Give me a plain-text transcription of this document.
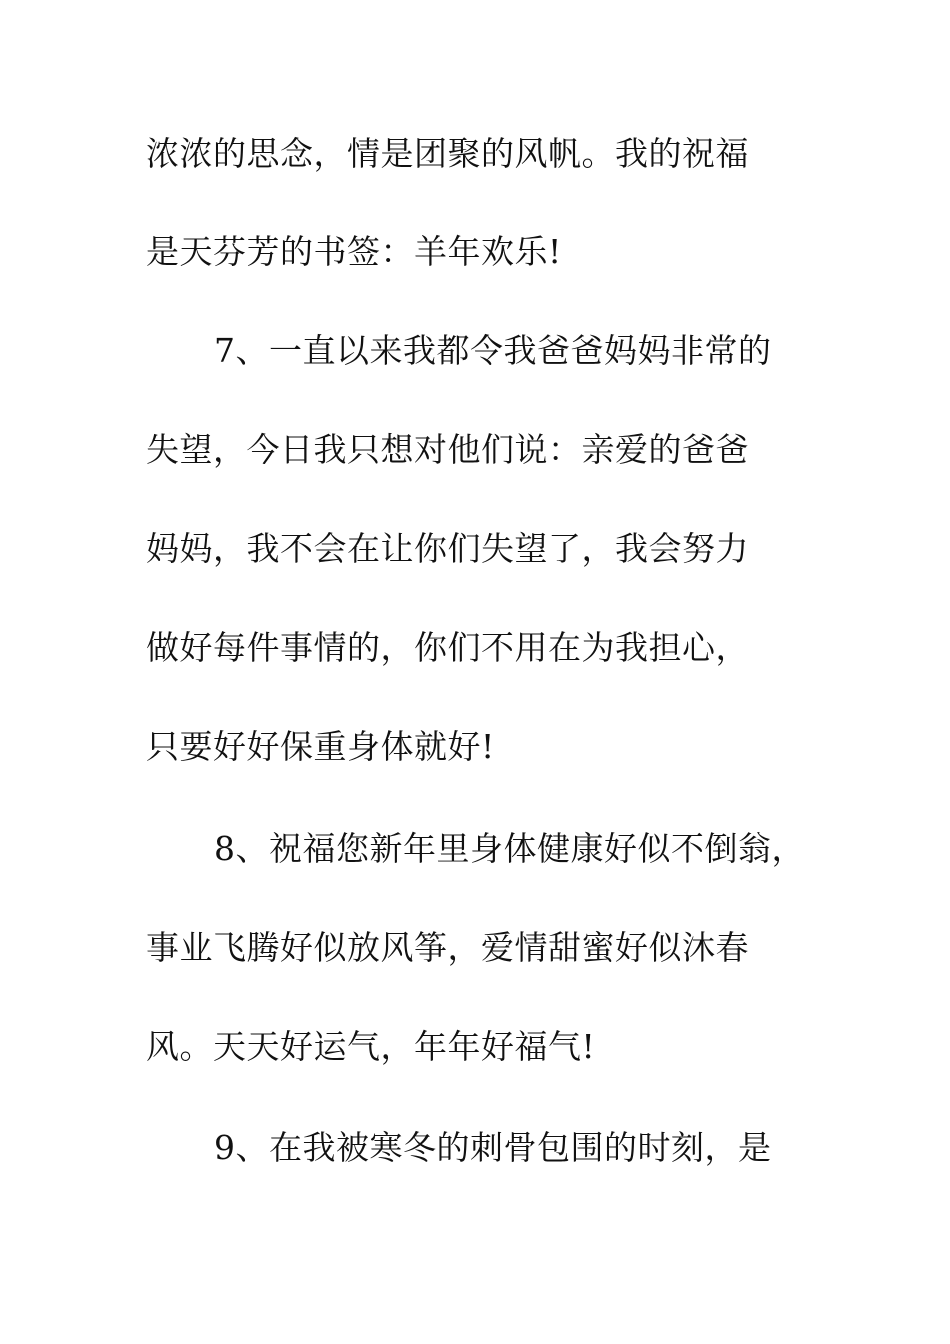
浓浓的思念，情是团聚的风帆。我的祝福
是天芬芳的书签：羊年欢乐!
7、一直以来我都令我爸爸妈妈非常的
失望，今日我只想对他们说：亲爱的爸爸
妈妈，我不会在让你们失望了，我会努力
做好每件事情的，你们不用在为我担心，
只要好好保重身体就好!
8、祝福您新年里身体健康好似不倒翁，
事业飞腾好似放风筝，爱情甜蜜好似沐春
风。天天好运气，年年好福气!
9、在我被寒冬的刺骨包围的时刻，是
